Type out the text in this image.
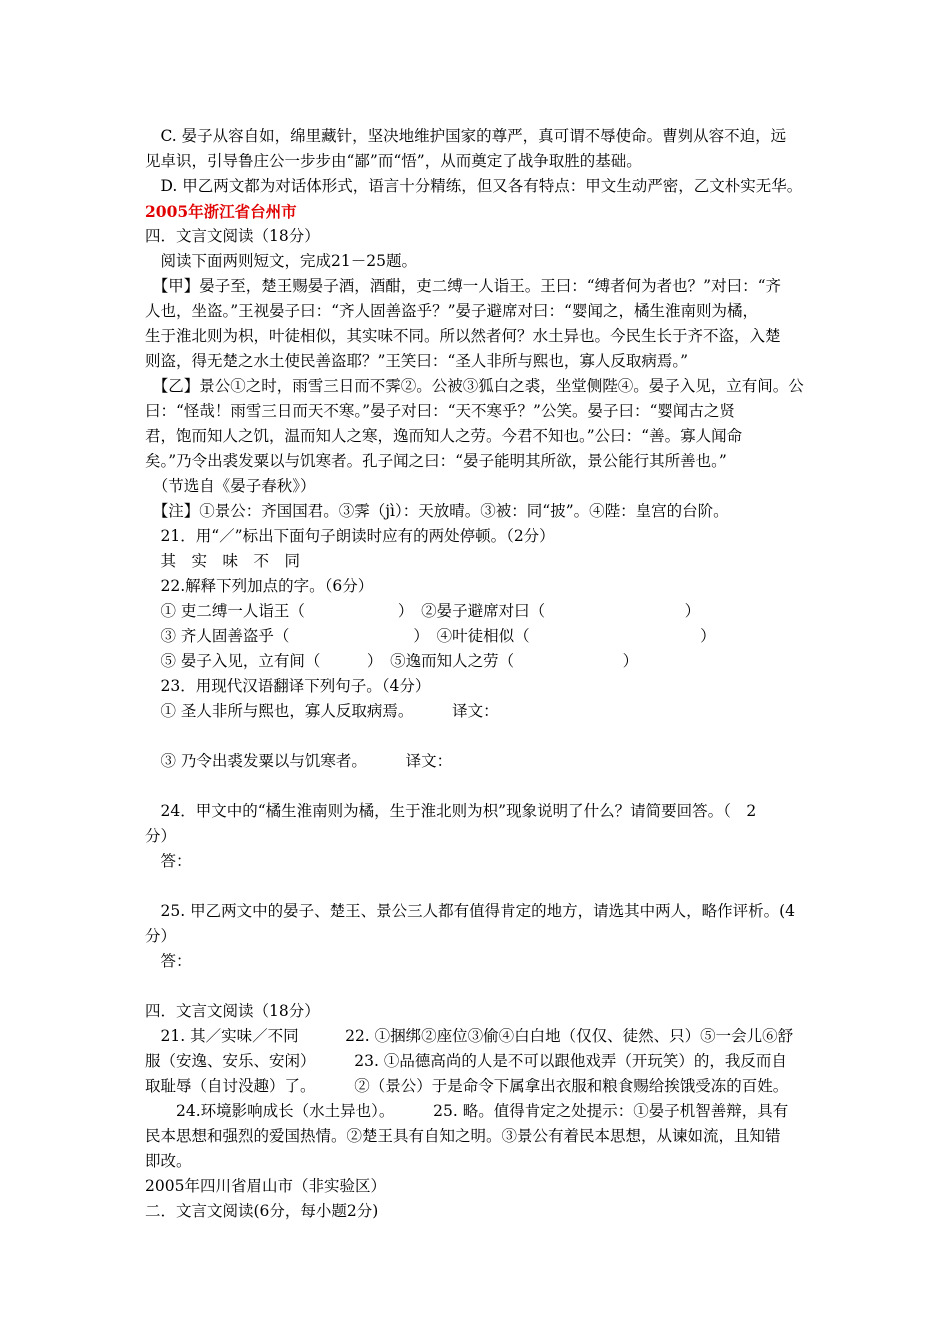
　C. 晏子从容自如，绵里藏针，坚决地维护国家的尊严，真可谓不辱使命。曹刿从容不迫，远
见卓识，引导鲁庄公一步步由“鄙”而“悟”，从而奠定了战争取胜的基础。
　D. 甲乙两文都为对话体形式，语言十分精练，但又各有特点：甲文生动严密，乙文朴实无华。
2005年浙江省台州市
四．文言文阅读（18分）
　阅读下面两则短文，完成21－25题。
　【甲】晏子至，楚王赐晏子酒，酒酣，吏二缚一人诣王。王曰：“缚者何为者也？”对曰：“齐
人也，坐盗。”王视晏子曰：“齐人固善盗乎？”晏子避席对曰：“婴闻之，橘生淮南则为橘，
生于淮北则为枳，叶徒相似，其实味不同。所以然者何？水土异也。今民生长于齐不盗，入楚
则盗，得无楚之水土使民善盗耶？”王笑曰：“圣人非所与熙也，寡人反取病焉。”
　【乙】景公①之时，雨雪三日而不霁②。公被③狐白之裘，坐堂侧陛④。晏子入见，立有间。公
曰：“怪哉！雨雪三日而天不寒。”晏子对曰：“天不寒乎？”公笑。晏子曰：“婴闻古之贤
君，饱而知人之饥，温而知人之寒，逸而知人之劳。今君不知也。”公曰：“善。寡人闻命
矣。”乃令出裘发粟以与饥寒者。孔子闻之曰：“晏子能明其所欲，景公能行其所善也。”
　（节选自《晏子春秋》）
　【注】①景公：齐国国君。③霁（jì）：天放晴。③被：同“披”。④陛：皇宫的台阶。
　21．用“／”标出下面句子朗读时应有的两处停顿。（2分）
　其　实　味　不　同
　22.解释下列加点的字。（6分）
　① 吏二缚一人诣王（　　　　　　）　②晏子避席对曰（　　　　　　　　　）
　③ 齐人固善盗乎（　　　　　　　　）　④叶徒相似（　　　　　　　　　　　）
　⑤ 晏子入见，立有间（　　　）　⑤逸而知人之劳（　　　　　　　）
　23．用现代汉语翻译下列句子。（4分）
　① 圣人非所与熙也，寡人反取病焉。　　　译文：
　③ 乃令出裘发粟以与饥寒者。　　　译文：
　24．甲文中的“橘生淮南则为橘，生于淮北则为枳”现象说明了什么？请简要回答。（　2
分）
　答：
　25. 甲乙两文中的晏子、楚王、景公三人都有值得肯定的地方，请选其中两人，略作评析。(4
分）
　答：
四．文言文阅读（18分）
　21. 其／实味／不同　　　22. ①捆绑②座位③偷④白白地（仅仅、徒然、只）⑤一会儿⑥舒
服（安逸、安乐、安闲）　　　23. ①品德高尚的人是不可以跟他戏弄（开玩笑）的，我反而自
取耻辱（自讨没趣）了。　　　②（景公）于是命令下属拿出衣服和粮食赐给挨饿受冻的百姓。
　　24.环境影响成长（水土异也）。　　　25. 略。值得肯定之处提示：①晏子机智善辩，具有
民本思想和强烈的爱国热情。②楚王具有自知之明。③景公有着民本思想，从谏如流，且知错
即改。
2005年四川省眉山市（非实验区）
二．文言文阅读(6分，每小题2分)
